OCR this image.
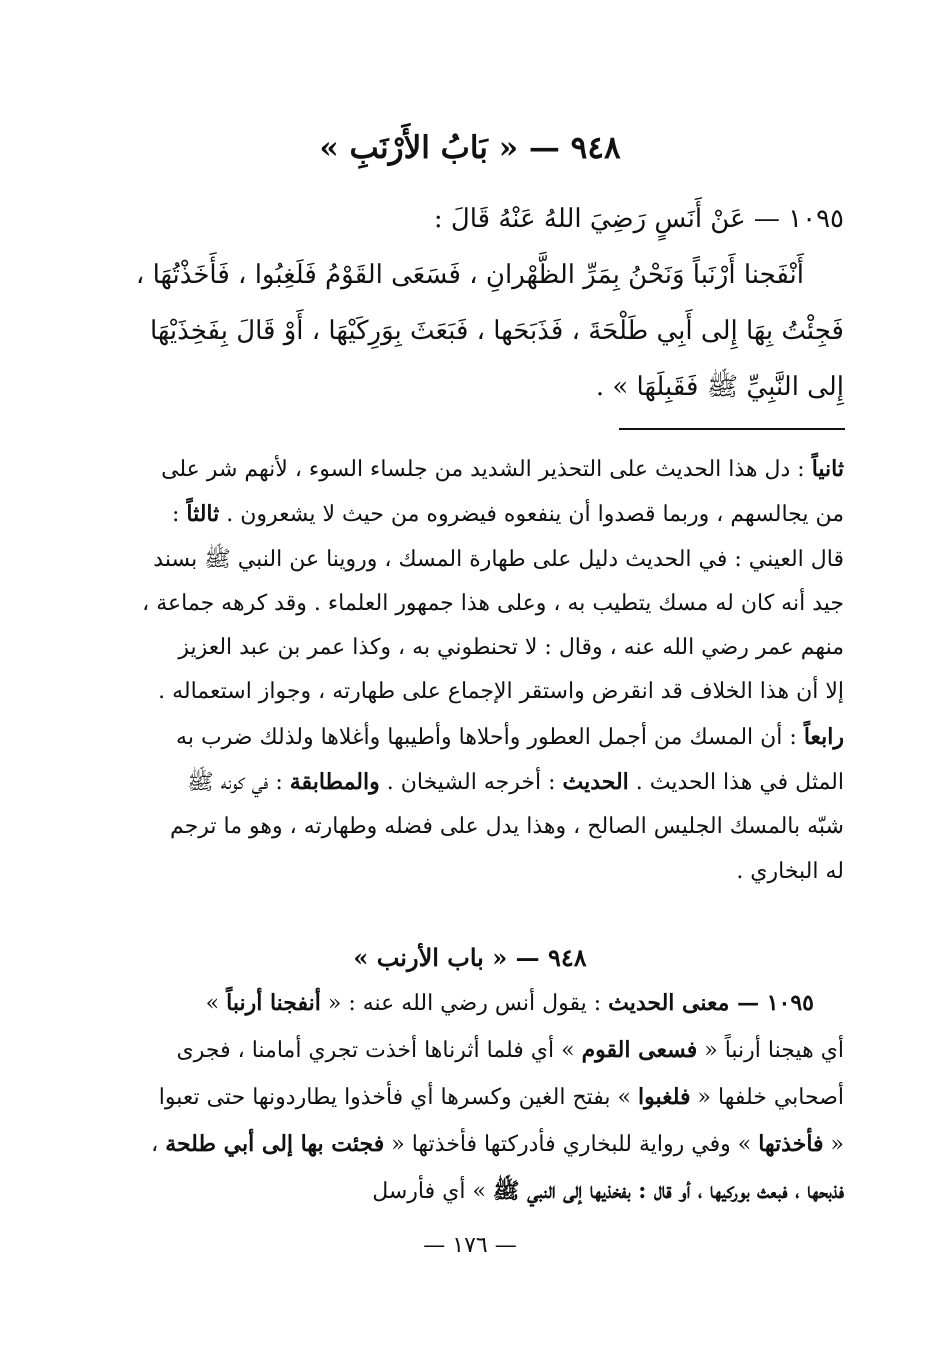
٩٤٨ — « بَابُ الأَرْنَبِ »

١٠٩٥ — عَنْ أَنَسٍ رَضِيَ اللهُ عَنْهُ قَالَ :

أَنْفَجنا أَرْنَباً وَنَحْنُ بِمَرِّ الظَّهْرانِ ، فَسَعَى القَوْمُ فَلَغِبُوا ، فَأَخَذْتُهَا ،

فَجِئْتُ بِهَا إِلى أَبِي طَلْحَةَ ، فَذَبَحَها ، فَبَعَثَ بِوَرِكَيْهَا ، أَوْ قَالَ بِفَخِذَيْهَا

إِلى النَّبِيِّ ﷺ فَقَبِلَهَا » .

ثانياً : دل هذا الحديث على التحذير الشديد من جلساء السوء ، لأنهم شر على
من يجالسهم ، وربما قصدوا أن ينفعوه فيضروه من حيث لا يشعرون . ثالثاً :
قال العيني : في الحديث دليل على طهارة المسك ، وروينا عن النبي ﷺ بسند
جيد أنه كان له مسك يتطيب به ، وعلى هذا جمهور العلماء . وقد كرهه جماعة ،
منهم عمر رضي الله عنه ، وقال : لا تحنطوني به ، وكذا عمر بن عبد العزيز
إلا أن هذا الخلاف قد انقرض واستقر الإجماع على طهارته ، وجواز استعماله .
رابعاً : أن المسك من أجمل العطور وأحلاها وأطيبها وأغلاها ولذلك ضرب به
المثل في هذا الحديث . الحديث : أخرجه الشيخان . والمطابقة : في كونه ﷺ
شبّه بالمسك الجليس الصالح ، وهذا يدل على فضله وطهارته ، وهو ما ترجم
له البخاري .
٩٤٨ — « باب الأرنب »
١٠٩٥ — معنى الحديث : يقول أنس رضي الله عنه : « أنفجنا أرنباً »
أي هيجنا أرنباً « فسعى القوم » أي فلما أثرناها أخذت تجري أمامنا ، فجرى
أصحابي خلفها « فلغبوا » بفتح الغين وكسرها أي فأخذوا يطاردونها حتى تعبوا
« فأخذتها » وفي رواية للبخاري فأدركتها فأخذتها « فجئت بها إلى أبي طلحة ،
فذبحها ، فبعث بوركيها ، أو قال : بفخذيها إلى النبي ﷺ » أي فأرسل
— ١٧٦ —
